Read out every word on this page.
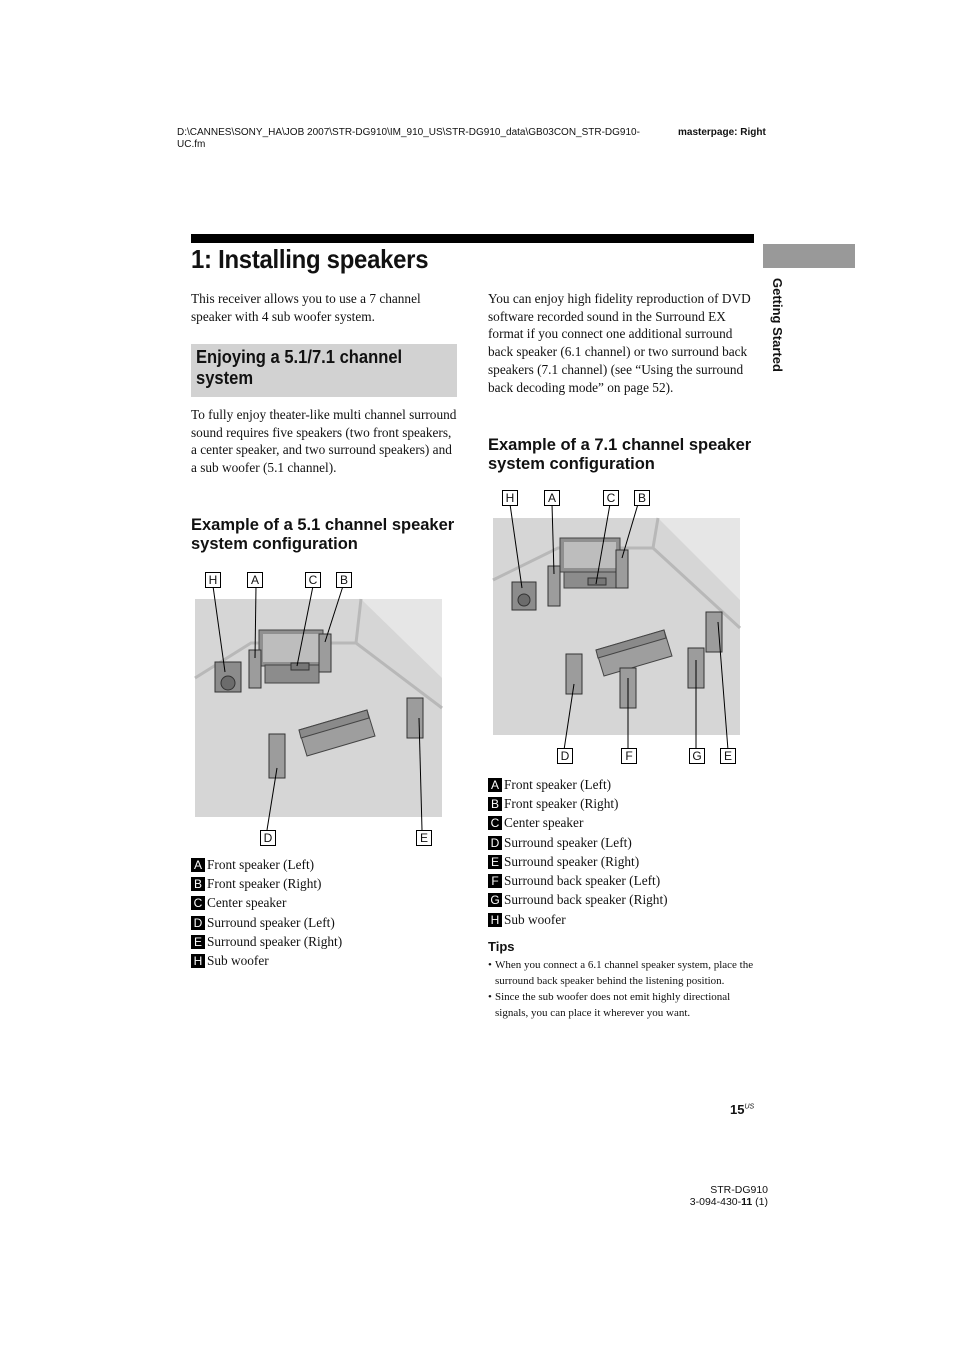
D:\CANNES\SONY_HA\JOB 2007\STR-DG910\IM_910_US\STR-DG910_data\GB03CON_STR-DG910-UC.fm
masterpage: Right
1: Installing speakers
Getting Started
This receiver allows you to use a 7 channel speaker with 4 sub woofer system.
Enjoying a 5.1/7.1 channel system
To fully enjoy theater-like multi channel surround sound requires five speakers (two front speakers, a center speaker, and two surround speakers) and a sub woofer (5.1 channel).
Example of a 5.1 channel speaker system configuration
H	A	C	B
D	E
A Front speaker (Left)
B Front speaker (Right)
C Center speaker
D Surround speaker (Left)
E Surround speaker (Right)
H Sub woofer
You can enjoy high fidelity reproduction of DVD software recorded sound in the Surround EX format if you connect one additional surround back speaker (6.1 channel) or two surround back speakers (7.1 channel) (see “Using the surround back decoding mode” on page 52).
Example of a 7.1 channel speaker system configuration
H	A	C	B
D	F	G	E
A Front speaker (Left)
B Front speaker (Right)
C Center speaker
D Surround speaker (Left)
E Surround speaker (Right)
F Surround back speaker (Left)
G Surround back speaker (Right)
H Sub woofer
Tips

• When you connect a 6.1 channel speaker system, place the surround back speaker behind the listening position.

• Since the sub woofer does not emit highly directional signals, you can place it wherever you want.

$15^{US}$
STR-DG910
3-094-430-11 (1)
